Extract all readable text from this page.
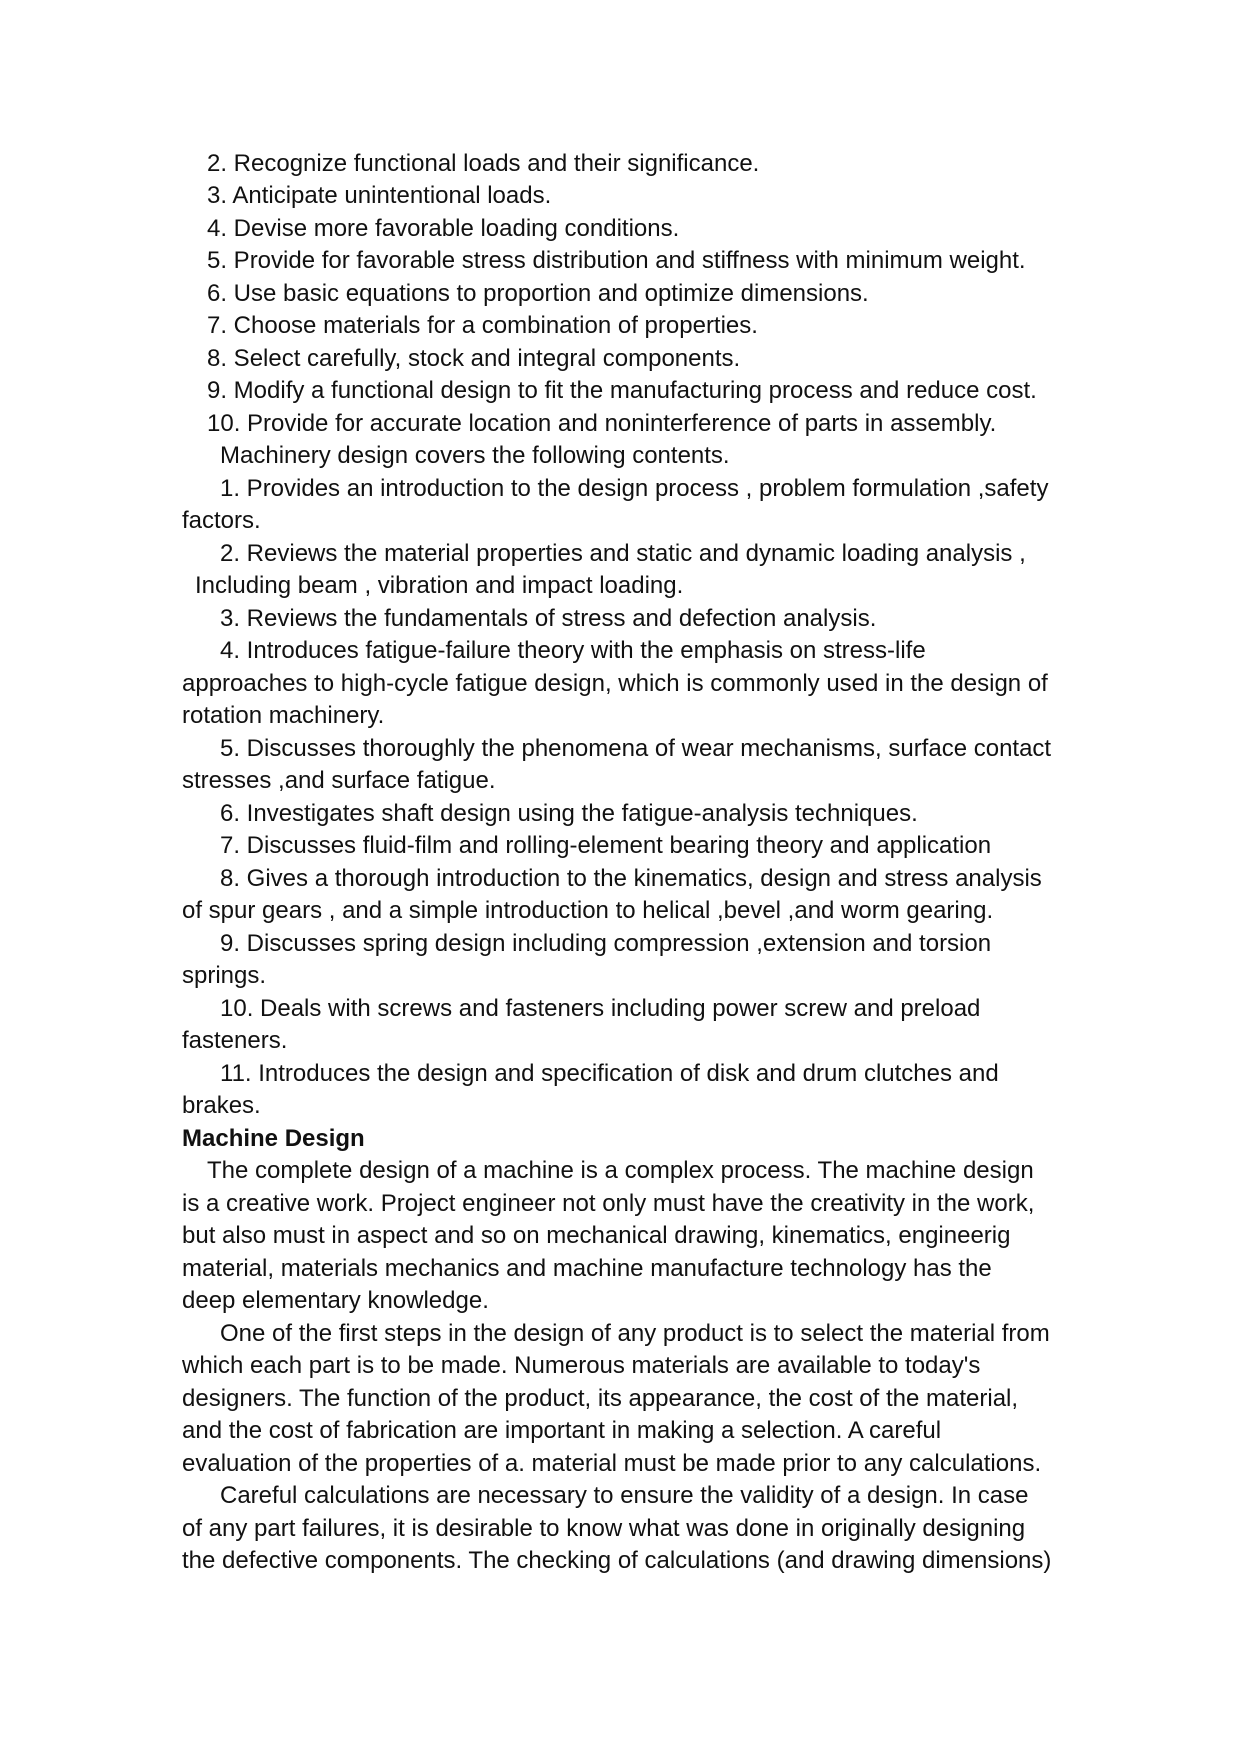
2. Recognize functional loads and their significance.
3. Anticipate unintentional loads.
4. Devise more favorable loading conditions.
5. Provide for favorable stress distribution and stiffness with minimum weight.
6. Use basic equations to proportion and optimize dimensions.
7. Choose materials for a combination of properties.
8. Select carefully, stock and integral components.
9. Modify a functional design to fit the manufacturing process and reduce cost.
10. Provide for accurate location and noninterference of parts in assembly.
Machinery design covers the following contents.
1. Provides an introduction to the design process , problem formulation ,safety
factors.
2. Reviews the material properties and static and dynamic loading analysis ,
Including beam , vibration and impact loading.
3. Reviews the fundamentals of stress and defection analysis.
4. Introduces fatigue-failure theory with the emphasis on stress-life
approaches to high-cycle fatigue design, which is commonly used in the design of
rotation machinery.
5. Discusses thoroughly the phenomena of wear mechanisms, surface contact
stresses ,and surface fatigue.
6. Investigates shaft design using the fatigue-analysis techniques.
7. Discusses fluid-film and rolling-element bearing theory and application
8. Gives a thorough introduction to the kinematics, design and stress analysis
of spur gears , and a simple introduction to helical ,bevel ,and worm gearing.
9. Discusses spring design including compression ,extension and torsion
springs.
10. Deals with screws and fasteners including power screw and preload
fasteners.
11. Introduces the design and specification of disk and drum clutches and
brakes.
Machine Design
The complete design of a machine is a complex process. The machine design
is a creative work. Project engineer not only must have the creativity in the work,
but also must in aspect and so on mechanical drawing, kinematics, engineerig
material, materials mechanics and machine manufacture technology has the
deep elementary knowledge.
One of the first steps in the design of any product is to select the material from
which each part is to be made. Numerous materials are available to today's
designers. The function of the product, its appearance, the cost of the material,
and the cost of fabrication are important in making a selection. A careful
evaluation of the properties of a. material must be made prior to any calculations.
Careful calculations are necessary to ensure the validity of a design. In case
of any part failures, it is desirable to know what was done in originally designing
the defective components. The checking of calculations (and drawing dimensions)
